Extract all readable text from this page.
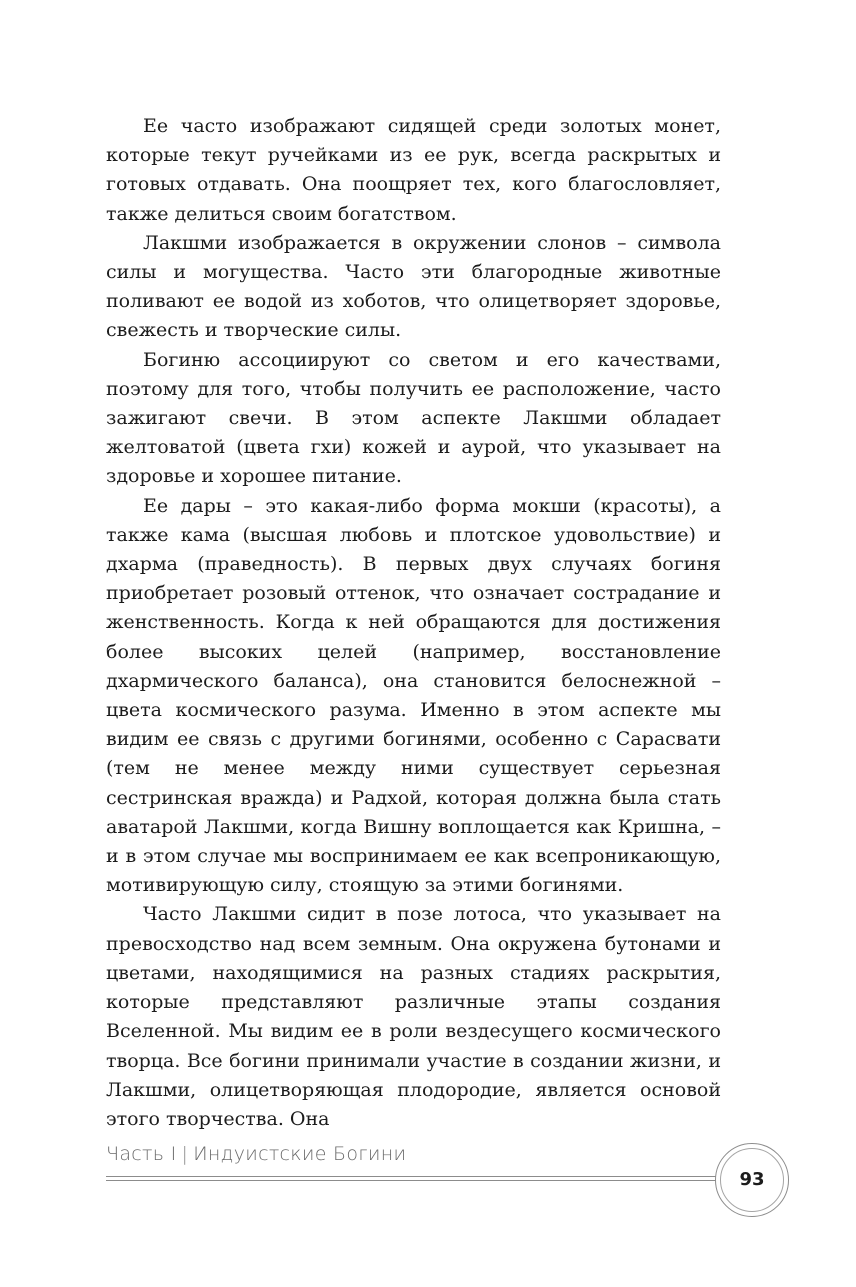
Ее часто изображают сидящей среди золотых монет, которые текут ручейками из ее рук, всегда раскрытых и готовых отдавать. Она поощряет тех, кого благословляет, также делиться своим богатством.

Лакшми изображается в окружении слонов – символа силы и могущества. Часто эти благородные животные поливают ее водой из хоботов, что олицетворяет здоровье, свежесть и творческие силы.

Богиню ассоциируют со светом и его качествами, поэтому для того, чтобы получить ее расположение, часто зажигают свечи. В этом аспекте Лакшми обладает желтоватой (цвета гхи) кожей и аурой, что указывает на здоровье и хорошее питание.

Ее дары – это какая-либо форма мокши (красоты), а также кама (высшая любовь и плотское удовольствие) и дхарма (праведность). В первых двух случаях богиня приобретает розовый оттенок, что означает сострадание и женственность. Когда к ней обращаются для достижения более высоких целей (например, восстановление дхармического баланса), она становится белоснежной – цвета космического разума. Именно в этом аспекте мы видим ее связь с другими богинями, особенно с Сарасвати (тем не менее между ними существует серьезная сестринская вражда) и Радхой, которая должна была стать аватарой Лакшми, когда Вишну воплощается как Кришна, – и в этом случае мы воспринимаем ее как всепроникающую, мотивирующую силу, стоящую за этими богинями.

Часто Лакшми сидит в позе лотоса, что указывает на превосходство над всем земным. Она окружена бутонами и цветами, находящимися на разных стадиях раскрытия, которые представляют различные этапы создания Вселенной. Мы видим ее в роли вездесущего космического творца. Все богини принимали участие в создании жизни, и Лакшми, олицетворяющая плодородие, является основой этого творчества. Она

Часть I | Индуистские Богини
93
